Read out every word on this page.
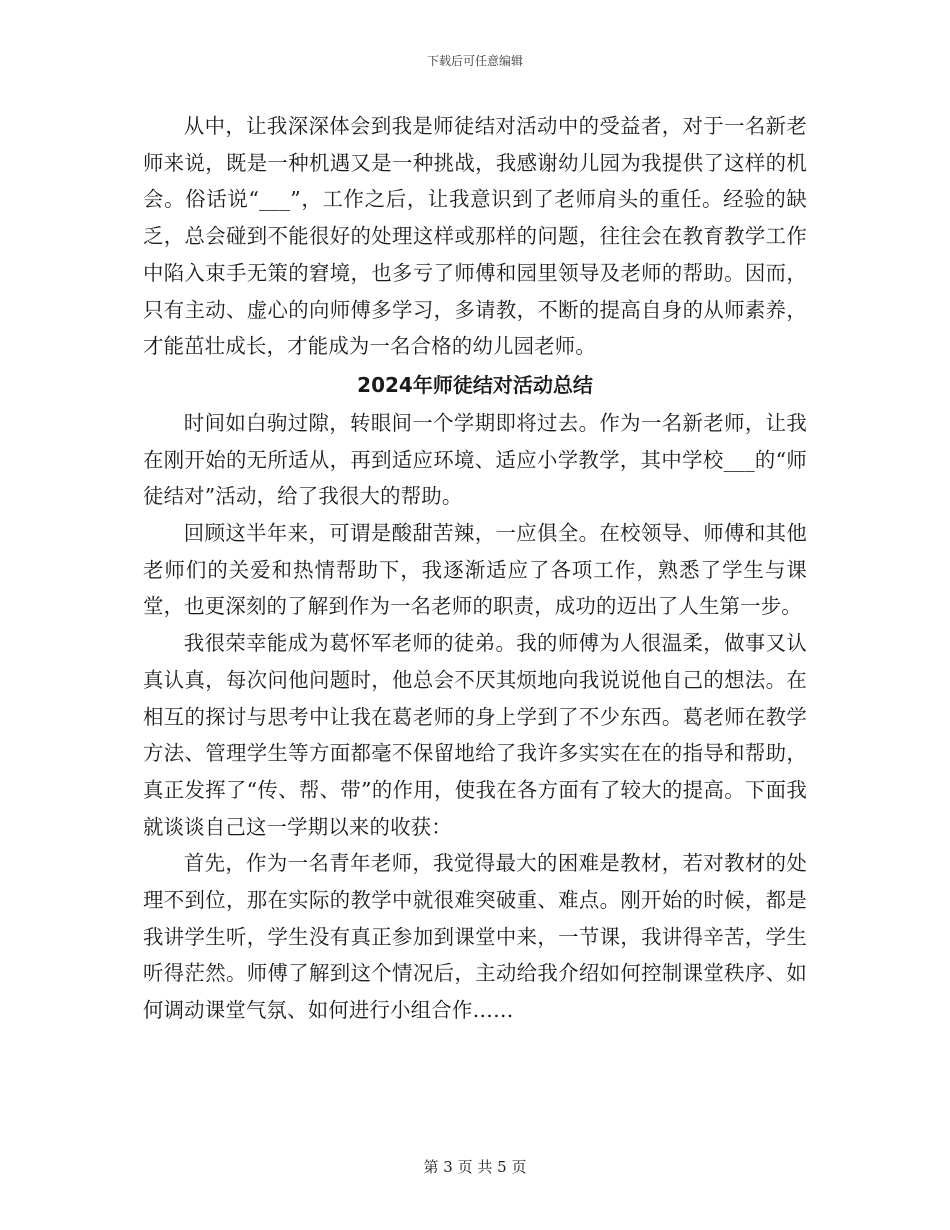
下载后可任意编辑

从中，让我深深体会到我是师徒结对活动中的受益者，对于一名新老师来说，既是一种机遇又是一种挑战，我感谢幼儿园为我提供了这样的机会。俗话说“___”，工作之后，让我意识到了老师肩头的重任。经验的缺乏，总会碰到不能很好的处理这样或那样的问题，往往会在教育教学工作中陷入束手无策的窘境，也多亏了师傅和园里领导及老师的帮助。因而，只有主动、虚心的向师傅多学习，多请教，不断的提高自身的从师素养，才能茁壮成长，才能成为一名合格的幼儿园老师。

2024年师徒结对活动总结

时间如白驹过隙，转眼间一个学期即将过去。作为一名新老师，让我在刚开始的无所适从，再到适应环境、适应小学教学，其中学校___的“师徒结对”活动，给了我很大的帮助。

回顾这半年来，可谓是酸甜苦辣，一应俱全。在校领导、师傅和其他老师们的关爱和热情帮助下，我逐渐适应了各项工作，熟悉了学生与课堂，也更深刻的了解到作为一名老师的职责，成功的迈出了人生第一步。

我很荣幸能成为葛怀军老师的徒弟。我的师傅为人很温柔，做事又认真认真，每次问他问题时，他总会不厌其烦地向我说说他自己的想法。在相互的探讨与思考中让我在葛老师的身上学到了不少东西。葛老师在教学方法、管理学生等方面都毫不保留地给了我许多实实在在的指导和帮助，真正发挥了“传、帮、带”的作用，使我在各方面有了较大的提高。下面我就谈谈自己这一学期以来的收获：

首先，作为一名青年老师，我觉得最大的困难是教材，若对教材的处理不到位，那在实际的教学中就很难突破重、难点。刚开始的时候，都是我讲学生听，学生没有真正参加到课堂中来，一节课，我讲得辛苦，学生听得茫然。师傅了解到这个情况后，主动给我介绍如何控制课堂秩序、如何调动课堂气氛、如何进行小组合作……

第 3 页 共 5 页
